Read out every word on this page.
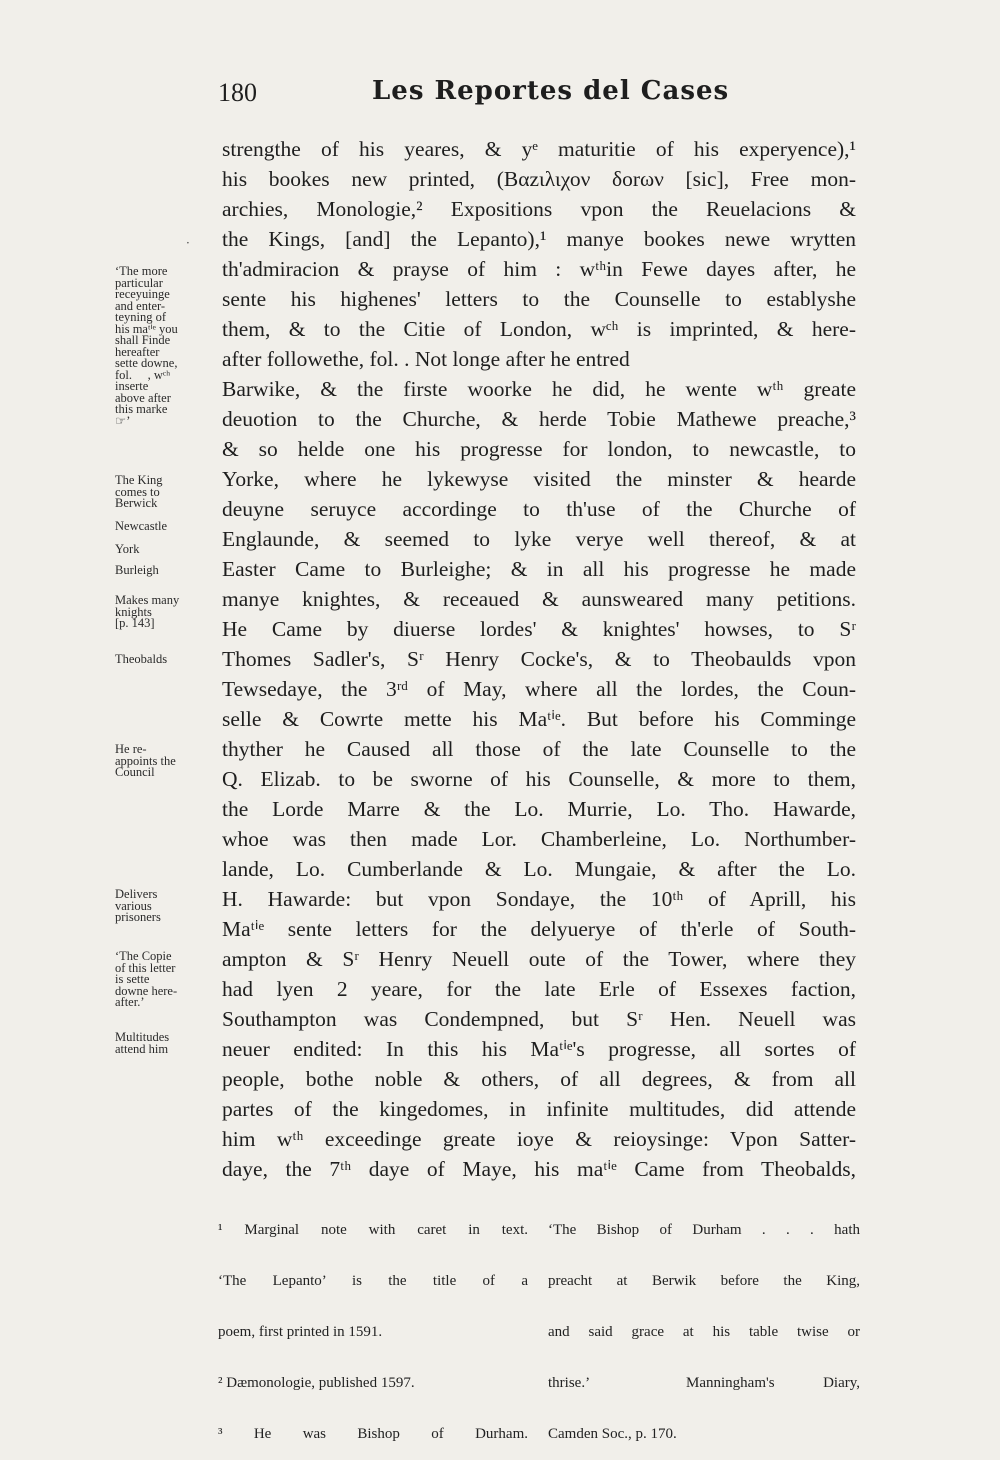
180	Les Reportes del Cases
·
strengthe of his yeares, & yᵉ maturitie of his experyence),¹
his bookes new printed, (Βαzιλιχον δοrων [sic], Free mon-
archies, Monologie,² Expositions vpon the Reuelacions &
the Kings, [and] the Lepanto),¹ manye bookes newe wrytten
th'admiracion & prayse of him : wᵗʰin Fewe dayes after, he
sente his highenes' letters to the Counselle to establyshe
them, & to the Citie of London, wᶜʰ is imprinted, & here-
after followethe, fol. . Not longe after he entred
Barwike, & the firste woorke he did, he wente wᵗʰ greate
deuotion to the Churche, & herde Tobie Mathewe preache,³
& so helde one his progresse for london, to newcastle, to
Yorke, where he lykewyse visited the minster & hearde
deuyne seruyce accordinge to th'use of the Churche of
Englaunde, & seemed to lyke verye well thereof, & at
Easter Came to Burleighe; & in all his progresse he made
manye knightes, & receaued & aunsweared many petitions.
He Came by diuerse lordes' & knightes' howses, to Sʳ
Thomes Sadler's, Sʳ Henry Cocke's, & to Theobaulds vpon
Tewsedaye, the 3ʳᵈ of May, where all the lordes, the Coun-
selle & Cowrte mette his Maᵗⁱᵉ. But before his Comminge
thyther he Caused all those of the late Counselle to the
Q. Elizab. to be sworne of his Counselle, & more to them,
the Lorde Marre & the Lo. Murrie, Lo. Tho. Hawarde,
whoe was then made Lor. Chamberleine, Lo. Northumber-
lande, Lo. Cumberlande & Lo. Mungaie, & after the Lo.
H. Hawarde: but vpon Sondaye, the 10ᵗʰ of Aprill, his
Maᵗⁱᵉ sente letters for the delyuerye of th'erle of South-
ampton & Sʳ Henry Neuell oute of the Tower, where they
had lyen 2 yeare, for the late Erle of Essexes faction,
Southampton was Condempned, but Sʳ Hen. Neuell was
neuer endited: In this his Maᵗⁱᵉ's progresse, all sortes of
people, bothe noble & others, of all degrees, & from all
partes of the kingedomes, in infinite multitudes, did attende
him wᵗʰ exceedinge greate ioye & reioysinge: Vpon Satter-
daye, the 7ᵗʰ daye of Maye, his maᵗⁱᵉ Came from Theobalds,
‘The more
particular
receyuinge
and enter-
teyning of
his maᵗⁱᵉ you
shall Finde
hereafter
sette downe,
fol.     , wᶜʰ
inserte
above after
this marke
☞’
The King
comes to
Berwick
Newcastle
York
Burleigh
Makes many
knights
[p. 143]
Theobalds
He re-
appoints the
Council
Delivers
various
prisoners
‘The Copie
of this letter
is sette
downe here-
after.’
Multitudes
attend him

¹ Marginal note with caret in text.

‘The Lepanto’ is the title of a

poem, first printed in 1591.

² Dæmonologie, published 1597.

³ He was Bishop of Durham.

‘The Bishop of Durham . . . hath

preacht at Berwik before the King,

and said grace at his table twise or

thrise.’  Manningham's Diary,

Camden Soc., p. 170.
